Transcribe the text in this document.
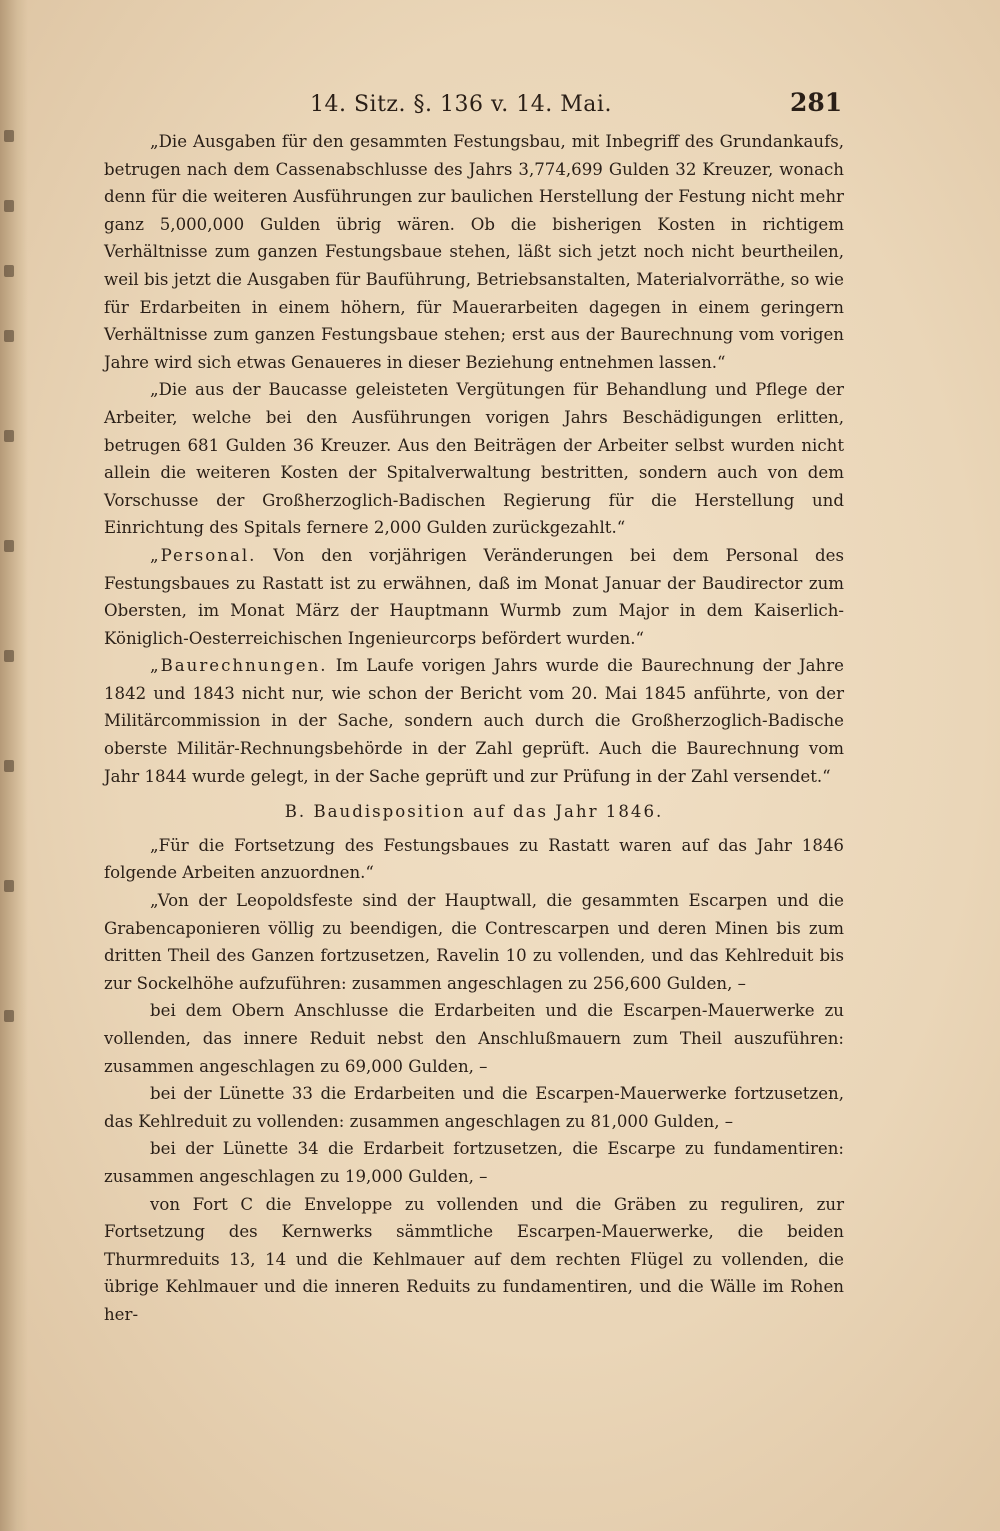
14. Sitz. §. 136 v. 14. Mai.	281

„Die Ausgaben für den gesammten Festungsbau, mit Inbegriff des Grundankaufs, betrugen nach dem Cassenabschlusse des Jahrs 3,774,699 Gulden 32 Kreuzer, wonach denn für die weiteren Ausführungen zur baulichen Herstellung der Festung nicht mehr ganz 5,000,000 Gulden übrig wären. Ob die bisherigen Kosten in richtigem Verhältnisse zum ganzen Festungsbaue stehen, läßt sich jetzt noch nicht beurtheilen, weil bis jetzt die Ausgaben für Bauführung, Betriebsanstalten, Materialvorräthe, so wie für Erdarbeiten in einem höhern, für Mauerarbeiten dagegen in einem geringern Verhältnisse zum ganzen Festungsbaue stehen; erst aus der Baurechnung vom vorigen Jahre wird sich etwas Genaueres in dieser Beziehung entnehmen lassen.“

„Die aus der Baucasse geleisteten Vergütungen für Behandlung und Pflege der Arbeiter, welche bei den Ausführungen vorigen Jahrs Beschädigungen erlitten, betrugen 681 Gulden 36 Kreuzer. Aus den Beiträgen der Arbeiter selbst wurden nicht allein die weiteren Kosten der Spitalverwaltung bestritten, sondern auch von dem Vorschusse der Großherzoglich-Badischen Regierung für die Herstellung und Einrichtung des Spitals fernere 2,000 Gulden zurückgezahlt.“

„Personal. Von den vorjährigen Veränderungen bei dem Personal des Festungsbaues zu Rastatt ist zu erwähnen, daß im Monat Januar der Baudirector zum Obersten, im Monat März der Hauptmann Wurmb zum Major in dem Kaiserlich-Königlich-Oesterreichischen Ingenieurcorps befördert wurden.“

„Baurechnungen. Im Laufe vorigen Jahrs wurde die Baurechnung der Jahre 1842 und 1843 nicht nur, wie schon der Bericht vom 20. Mai 1845 anführte, von der Militärcommission in der Sache, sondern auch durch die Großherzoglich-Badische oberste Militär-Rechnungsbehörde in der Zahl geprüft. Auch die Baurechnung vom Jahr 1844 wurde gelegt, in der Sache geprüft und zur Prüfung in der Zahl versendet.“

B. Baudisposition auf das Jahr 1846.

„Für die Fortsetzung des Festungsbaues zu Rastatt waren auf das Jahr 1846 folgende Arbeiten anzuordnen.“

„Von der Leopoldsfeste sind der Hauptwall, die gesammten Escarpen und die Grabencaponieren völlig zu beendigen, die Contrescarpen und deren Minen bis zum dritten Theil des Ganzen fortzusetzen, Ravelin 10 zu vollenden, und das Kehlreduit bis zur Sockelhöhe aufzuführen: zusammen angeschlagen zu 256,600 Gulden, –

bei dem Obern Anschlusse die Erdarbeiten und die Escarpen-Mauerwerke zu vollenden, das innere Reduit nebst den Anschlußmauern zum Theil auszuführen: zusammen angeschlagen zu 69,000 Gulden, –

bei der Lünette 33 die Erdarbeiten und die Escarpen-Mauerwerke fortzusetzen, das Kehlreduit zu vollenden: zusammen angeschlagen zu 81,000 Gulden, –

bei der Lünette 34 die Erdarbeit fortzusetzen, die Escarpe zu fundamentiren: zusammen angeschlagen zu 19,000 Gulden, –

von Fort C die Enveloppe zu vollenden und die Gräben zu reguliren, zur Fortsetzung des Kernwerks sämmtliche Escarpen-Mauerwerke, die beiden Thurmreduits 13, 14 und die Kehlmauer auf dem rechten Flügel zu vollenden, die übrige Kehlmauer und die inneren Reduits zu fundamentiren, und die Wälle im Rohen her-
